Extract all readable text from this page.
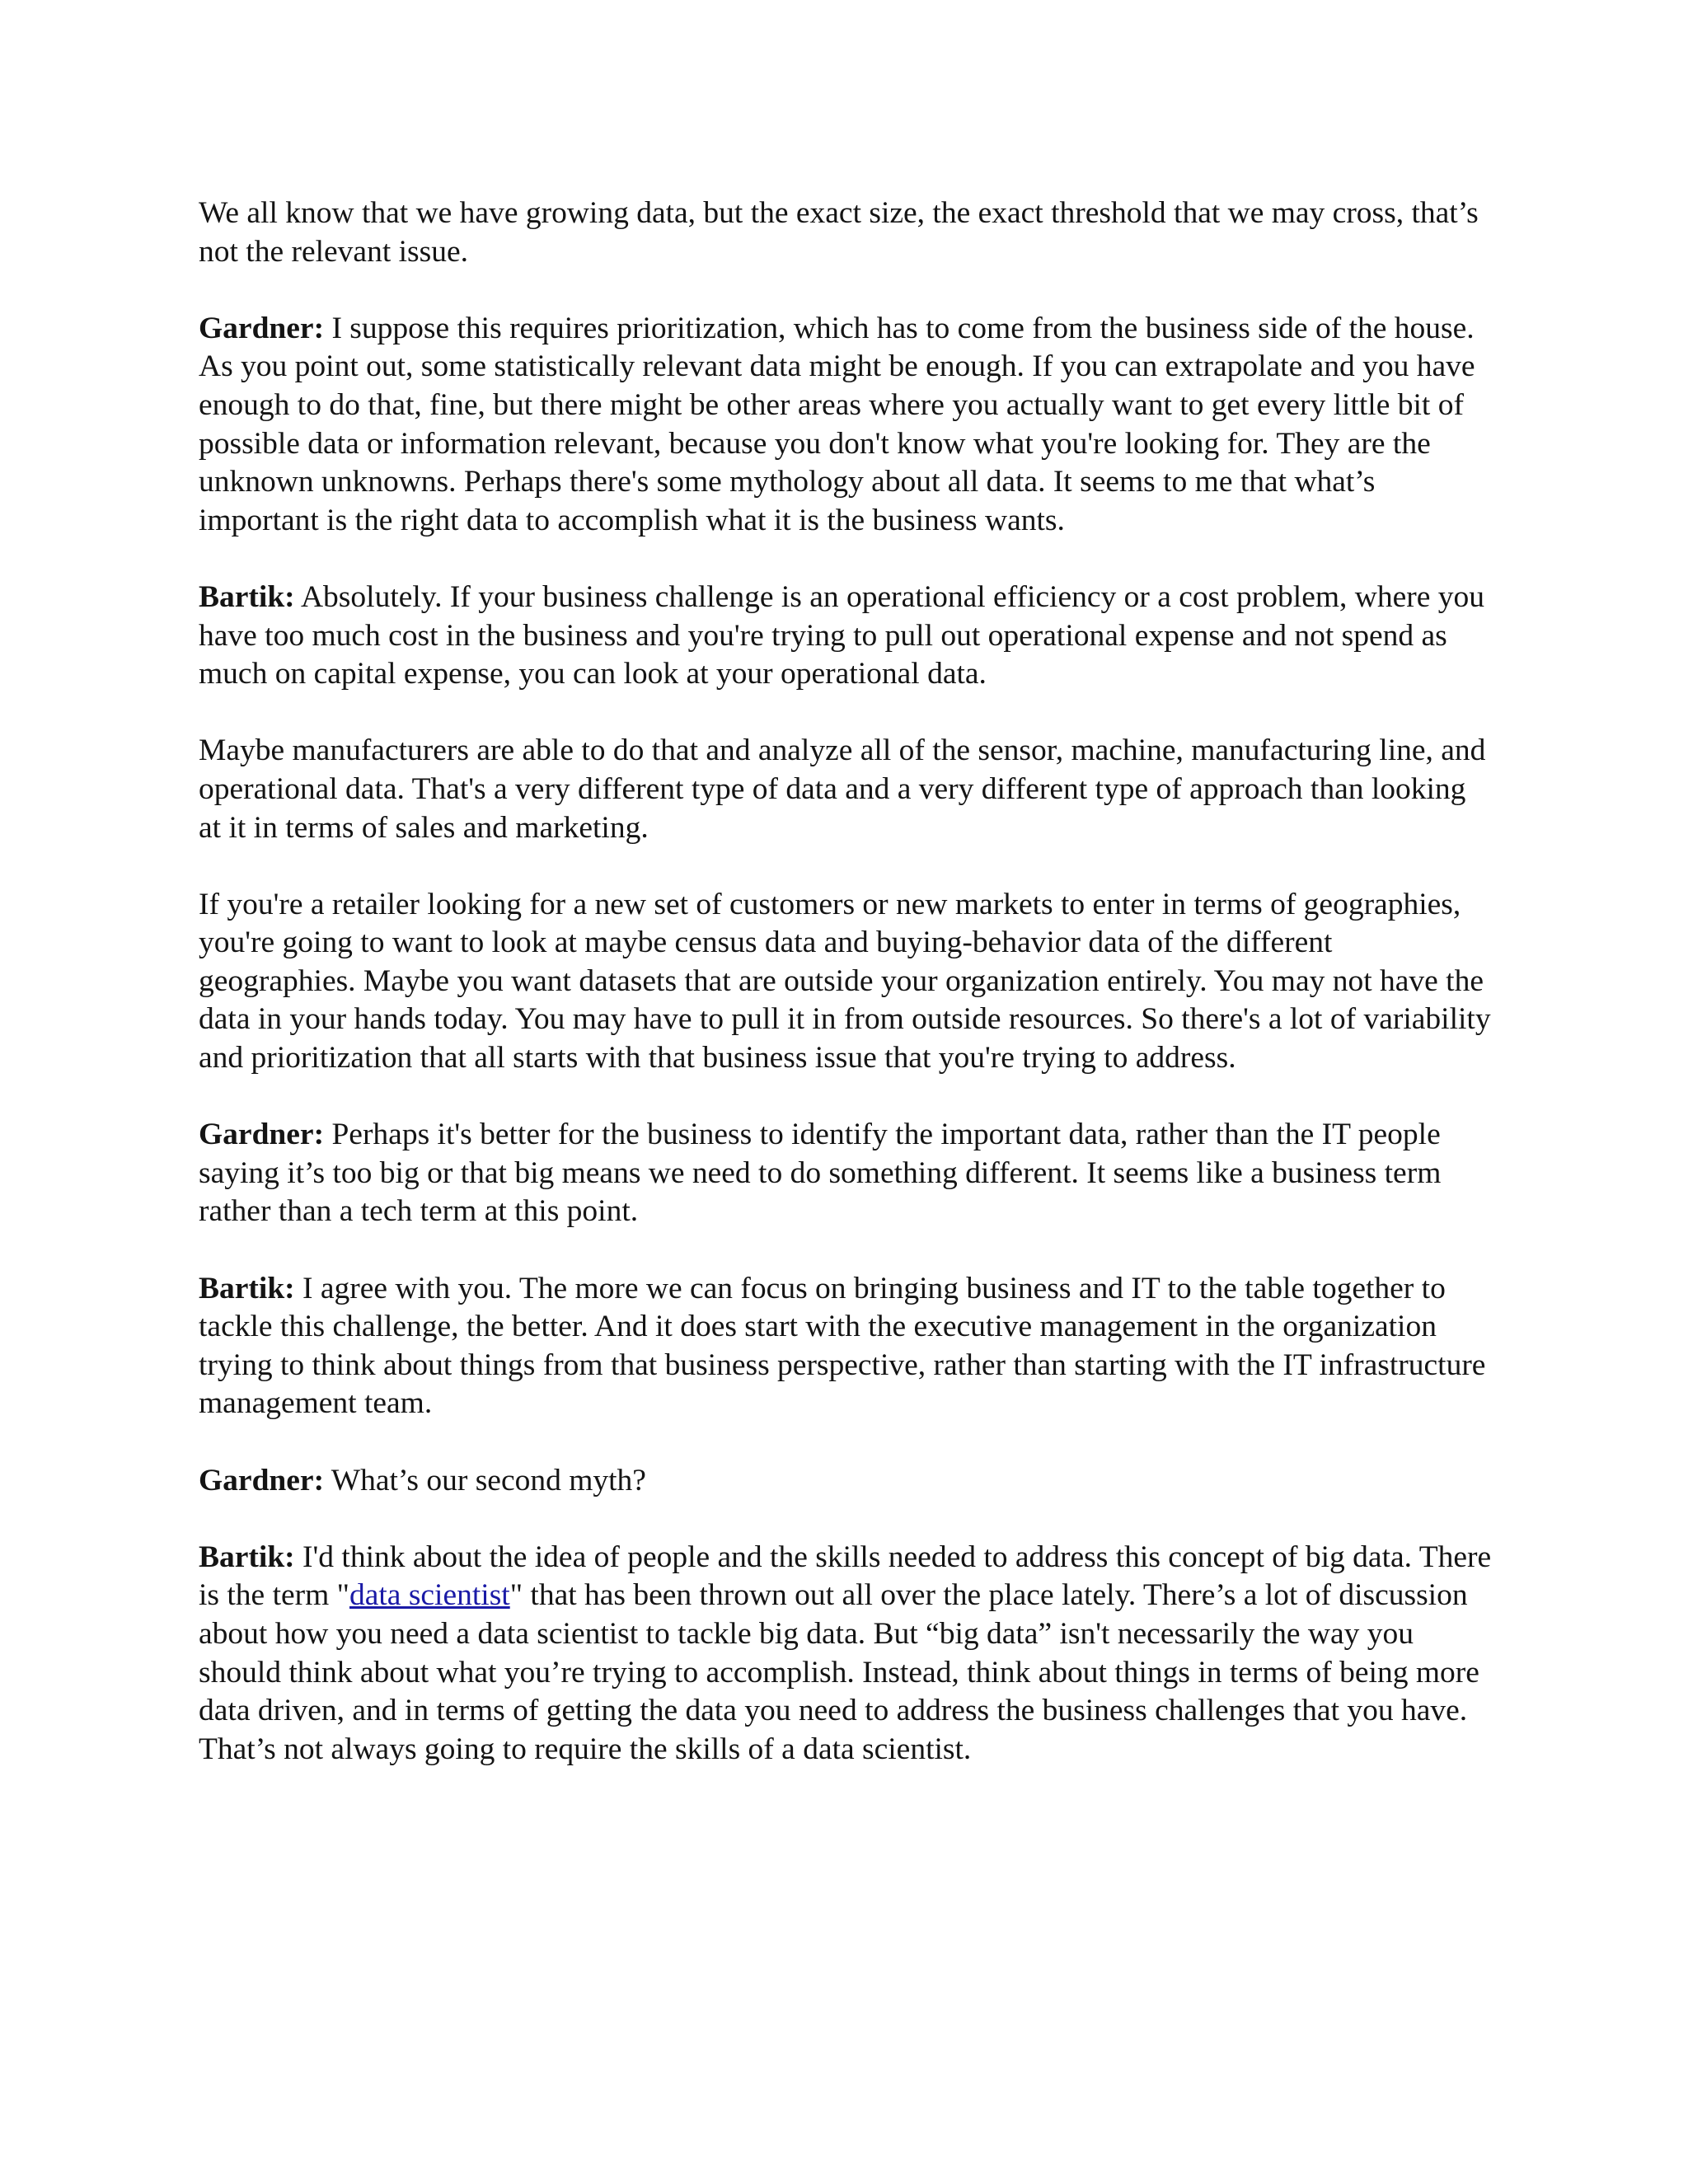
We all know that we have growing data, but the exact size, the exact threshold that we may cross, that’s not the relevant issue.

Gardner: I suppose this requires prioritization, which has to come from the business side of the house. As you point out, some statistically relevant data might be enough. If you can extrapolate and you have enough to do that, fine, but there might be other areas where you actually want to get every little bit of possible data or information relevant, because you don't know what you're looking for. They are the unknown unknowns. Perhaps there's some mythology about all data. It seems to me that what’s important is the right data to accomplish what it is the business wants.

Bartik: Absolutely. If your business challenge is an operational efficiency or a cost problem, where you have too much cost in the business and you're trying to pull out operational expense and not spend as much on capital expense, you can look at your operational data.

Maybe manufacturers are able to do that and analyze all of the sensor, machine, manufacturing line, and operational data. That's a very different type of data and a very different type of approach than looking at it in terms of sales and marketing.

If you're a retailer looking for a new set of customers or new markets to enter in terms of geographies, you're going to want to look at maybe census data and buying-behavior data of the different geographies. Maybe you want datasets that are outside your organization entirely. You may not have the data in your hands today. You may have to pull it in from outside resources. So there's a lot of variability and prioritization that all starts with that business issue that you're trying to address.

Gardner: Perhaps it's better for the business to identify the important data, rather than the IT people saying it’s too big or that big means we need to do something different. It seems like a business term rather than a tech term at this point.

Bartik: I agree with you. The more we can focus on bringing business and IT to the table together to tackle this challenge, the better. And it does start with the executive management in the organization trying to think about things from that business perspective, rather than starting with the IT infrastructure management team.

Gardner: What’s our second myth?

Bartik: I'd think about the idea of people and the skills needed to address this concept of big data. There is the term "data scientist" that has been thrown out all over the place lately. There’s a lot of discussion about how you need a data scientist to tackle big data. But “big data” isn't necessarily the way you should think about what you’re trying to accomplish. Instead, think about things in terms of being more data driven, and in terms of getting the data you need to address the business challenges that you have. That’s not always going to require the skills of a data scientist.
